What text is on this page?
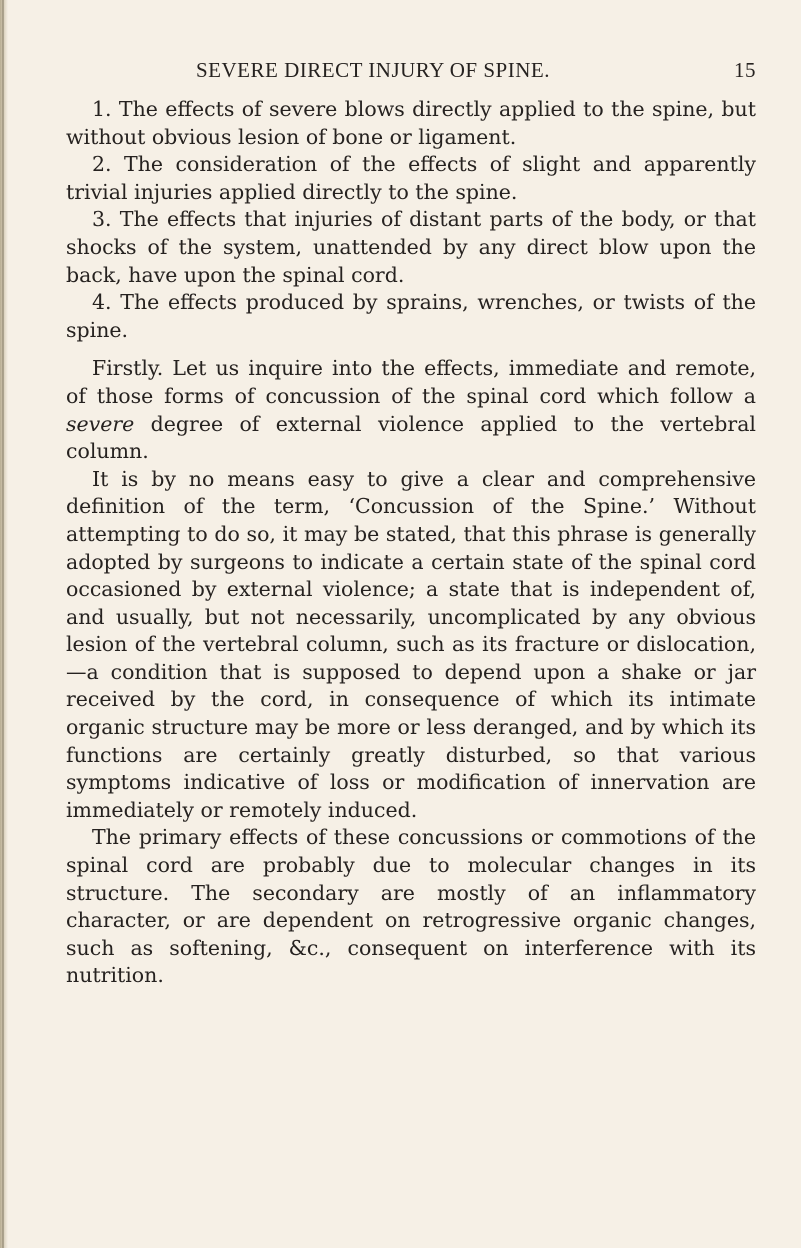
SEVERE DIRECT INJURY OF SPINE.	15

1. The effects of severe blows directly applied to the spine, but without obvious lesion of bone or ligament.

2. The consideration of the effects of slight and apparently trivial injuries applied directly to the spine.

3. The effects that injuries of distant parts of the body, or that shocks of the system, unattended by any direct blow upon the back, have upon the spinal cord.

4. The effects produced by sprains, wrenches, or twists of the spine.

Firstly. Let us inquire into the effects, immediate and remote, of those forms of concussion of the spinal cord which follow a severe degree of external violence applied to the vertebral column.

It is by no means easy to give a clear and comprehensive definition of the term, ‘Concussion of the Spine.’ Without attempting to do so, it may be stated, that this phrase is generally adopted by surgeons to indicate a certain state of the spinal cord occasioned by external violence; a state that is independent of, and usually, but not necessarily, uncomplicated by any obvious lesion of the vertebral column, such as its fracture or dislocation,—a condition that is supposed to depend upon a shake or jar received by the cord, in consequence of which its intimate organic structure may be more or less deranged, and by which its functions are certainly greatly disturbed, so that various symptoms indicative of loss or modification of innervation are immediately or remotely induced.

The primary effects of these concussions or commotions of the spinal cord are probably due to molecular changes in its structure. The secondary are mostly of an inflammatory character, or are dependent on retrogressive organic changes, such as softening, &c., consequent on interference with its nutrition.
